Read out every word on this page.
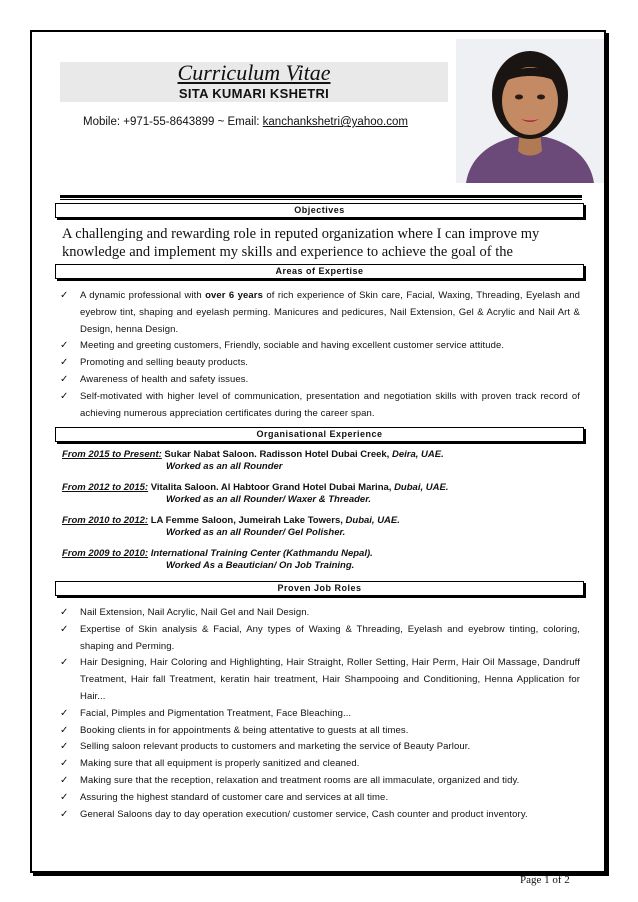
Curriculum Vitae
SITA KUMARI KSHETRI
Mobile: +971-55-8643899 ~ Email: kanchankshetri@yahoo.com
Objectives
A challenging and rewarding role in reputed organization where I can improve my knowledge and implement my skills and experience to achieve the goal of the
Areas of Expertise
✓ A dynamic professional with over 6 years of rich experience of Skin care, Facial, Waxing, Threading, Eyelash and eyebrow tint, shaping and eyelash perming. Manicures and pedicures, Nail Extension, Gel & Acrylic and Nail Art & Design, henna Design.
✓ Meeting and greeting customers, Friendly, sociable and having excellent customer service attitude.
✓ Promoting and selling beauty products.
✓ Awareness of health and safety issues.
✓ Self-motivated with higher level of communication, presentation and negotiation skills with proven track record of achieving numerous appreciation certificates during the career span.
Organisational Experience
From 2015 to Present: Sukar Nabat Saloon. Radisson Hotel Dubai Creek, Deira, UAE.
Worked as an all Rounder
From 2012 to 2015: Vitalita Saloon. Al Habtoor Grand Hotel Dubai Marina, Dubai, UAE.
Worked as an all Rounder/ Waxer & Threader.
From 2010 to 2012: LA Femme Saloon, Jumeirah Lake Towers, Dubai, UAE.
Worked as an all Rounder/ Gel Polisher.
From 2009 to 2010: International Training Center (Kathmandu Nepal).
Worked As a Beautician/ On Job Training.
Proven Job Roles
✓ Nail Extension, Nail Acrylic, Nail Gel and Nail Design.
✓ Expertise of Skin analysis & Facial, Any types of Waxing & Threading, Eyelash and eyebrow tinting, coloring, shaping and Perming.
✓ Hair Designing, Hair Coloring and Highlighting, Hair Straight, Roller Setting, Hair Perm, Hair Oil Massage, Dandruff Treatment, Hair fall Treatment, keratin hair treatment, Hair Shampooing and Conditioning, Henna Application for Hair...
✓ Facial, Pimples and Pigmentation Treatment, Face Bleaching...
✓ Booking clients in for appointments & being attentative to guests at all times.
✓ Selling saloon relevant products to customers and marketing the service of Beauty Parlour.
✓ Making sure that all equipment is properly sanitized and cleaned.
✓ Making sure that the reception, relaxation and treatment rooms are all immaculate, organized and tidy.
✓ Assuring the highest standard of customer care and services at all time.
✓ General Saloons day to day operation execution/ customer service, Cash counter and product inventory.
Page 1 of 2
